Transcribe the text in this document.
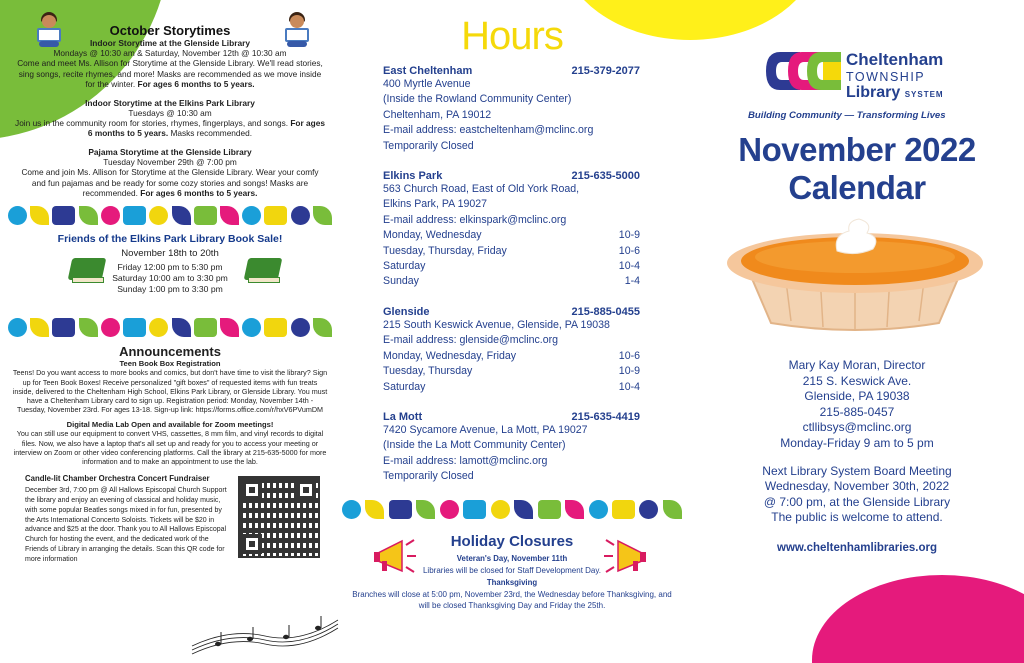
October Storytimes
Indoor Storytime at the Glenside Library
Mondays @ 10:30 am & Saturday, November 12th @ 10:30 am
Come and meet Ms. Allison for Storytime at the Glenside Library. We'll read stories, sing songs, recite rhymes, and more! Masks are recommended as we move inside for the winter. For ages 6 months to 5 years.
Indoor Storytime at the Elkins Park Library
Tuesdays @ 10:30 am
Join us in the community room for stories, rhymes, fingerplays, and songs. For ages 6 months to 5 years. Masks recommended.
Pajama Storytime at the Glenside Library
Tuesday November 29th @ 7:00 pm
Come and join Ms. Allison for Storytime at the Glenside Library. Wear your comfy and fun pajamas and be ready for some cozy stories and songs! Masks are recommended. For ages 6 months to 5 years.
Friends of the Elkins Park Library Book Sale!
November 18th to 20th
Friday 12:00 pm to 5:30 pm
Saturday 10:00 am to 3:30 pm
Sunday 1:00 pm to 3:30 pm
Announcements
Teen Book Box Registration
Teens! Do you want access to more books and comics, but don't have time to visit the library? Sign up for Teen Book Boxes! Receive personalized "gift boxes" of requested items with fun treats inside, delivered to the Cheltenham High School, Elkins Park Library, or Glenside Library. You must have a Cheltenham Library card to sign up. Registration period: Monday, November 14th - Tuesday, November 23rd. For ages 13-18. Sign-up link: https://forms.office.com/r/hxV6PVumDM
Digital Media Lab Open and available for Zoom meetings!
You can still use our equipment to convert VHS, cassettes, 8 mm film, and vinyl records to digital files. Now, we also have a laptop that's all set up and ready for you to access your meeting or interview on Zoom or other video conferencing platforms. Call the library at 215-635-5000 for more information and to make an appointment to use the lab.
Candle-lit Chamber Orchestra Concert Fundraiser
December 3rd, 7:00 pm @ All Hallows Episcopal Church Support the library and enjoy an evening of classical and holiday music, with some popular Beatles songs mixed in for fun, presented by the Arts International Concerto Soloists. Tickets will be $20 in advance and $25 at the door. Thank you to All Hallows Episcopal Church for hosting the event, and the dedicated work of the Friends of Library in arranging the details. Scan this QR code for more information
Hours
East Cheltenham	215-379-2077
400 Myrtle Avenue
(Inside the Rowland Community Center)
Cheltenham, PA 19012
E-mail address: eastcheltenham@mclinc.org
Temporarily Closed
Elkins Park	215-635-5000
563 Church Road, East of Old York Road,
Elkins Park, PA 19027
E-mail address: elkinspark@mclinc.org
Monday, Wednesday	10-9
Tuesday, Thursday, Friday	10-6
Saturday	10-4
Sunday	1-4
Glenside	215-885-0455
215 South Keswick Avenue, Glenside, PA 19038
E-mail address: glenside@mclinc.org
Monday, Wednesday, Friday	10-6
Tuesday, Thursday	10-9
Saturday	10-4
La Mott	215-635-4419
7420 Sycamore Avenue, La Mott, PA 19027
(Inside the La Mott Community Center)
E-mail address: lamott@mclinc.org
Temporarily Closed
Holiday Closures
Veteran's Day, November 11th
Libraries will be closed for Staff Development Day.
Thanksgiving
Branches will close at 5:00 pm, November 23rd, the Wednesday before Thanksgiving, and will be closed Thanksgiving Day and Friday the 25th.
Cheltenham
TOWNSHIP
Library SYSTEM
Building Community — Transforming Lives
November 2022
Calendar
Mary Kay Moran, Director
215 S. Keswick Ave.
Glenside, PA 19038
215-885-0457
ctllibsys@mclinc.org
Monday-Friday 9 am to 5 pm
Next Library System Board Meeting
Wednesday, November 30th, 2022
@ 7:00 pm, at the Glenside Library
The public is welcome to attend.
www.cheltenhamlibraries.org
